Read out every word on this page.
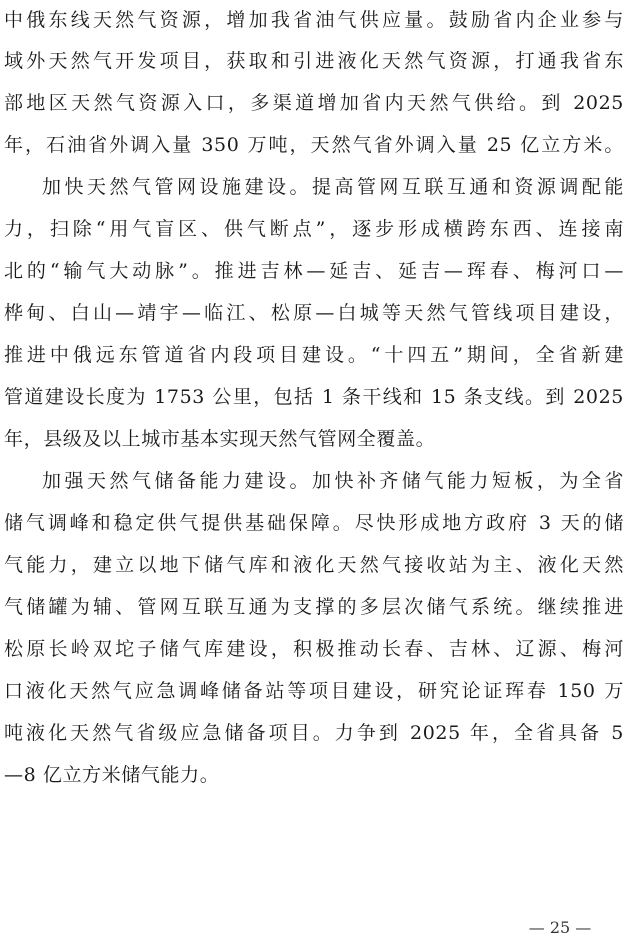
中俄东线天然气资源，增加我省油气供应量。鼓励省内企业参与
域外天然气开发项目，获取和引进液化天然气资源，打通我省东
部地区天然气资源入口，多渠道增加省内天然气供给。到 2025
年，石油省外调入量 350 万吨，天然气省外调入量 25 亿立方米。
加快天然气管网设施建设。提高管网互联互通和资源调配能
力，扫除“用气盲区、供气断点”，逐步形成横跨东西、连接南
北的“输气大动脉”。推进吉林—延吉、延吉—珲春、梅河口—
桦甸、白山—靖宇—临江、松原—白城等天然气管线项目建设，
推进中俄远东管道省内段项目建设。“十四五”期间，全省新建
管道建设长度为 1753 公里，包括 1 条干线和 15 条支线。到 2025
年，县级及以上城市基本实现天然气管网全覆盖。
加强天然气储备能力建设。加快补齐储气能力短板，为全省
储气调峰和稳定供气提供基础保障。尽快形成地方政府 3 天的储
气能力，建立以地下储气库和液化天然气接收站为主、液化天然
气储罐为辅、管网互联互通为支撑的多层次储气系统。继续推进
松原长岭双坨子储气库建设，积极推动长春、吉林、辽源、梅河
口液化天然气应急调峰储备站等项目建设，研究论证珲春 150 万
吨液化天然气省级应急储备项目。力争到 2025 年，全省具备 5
—8 亿立方米储气能力。
— 25 —
